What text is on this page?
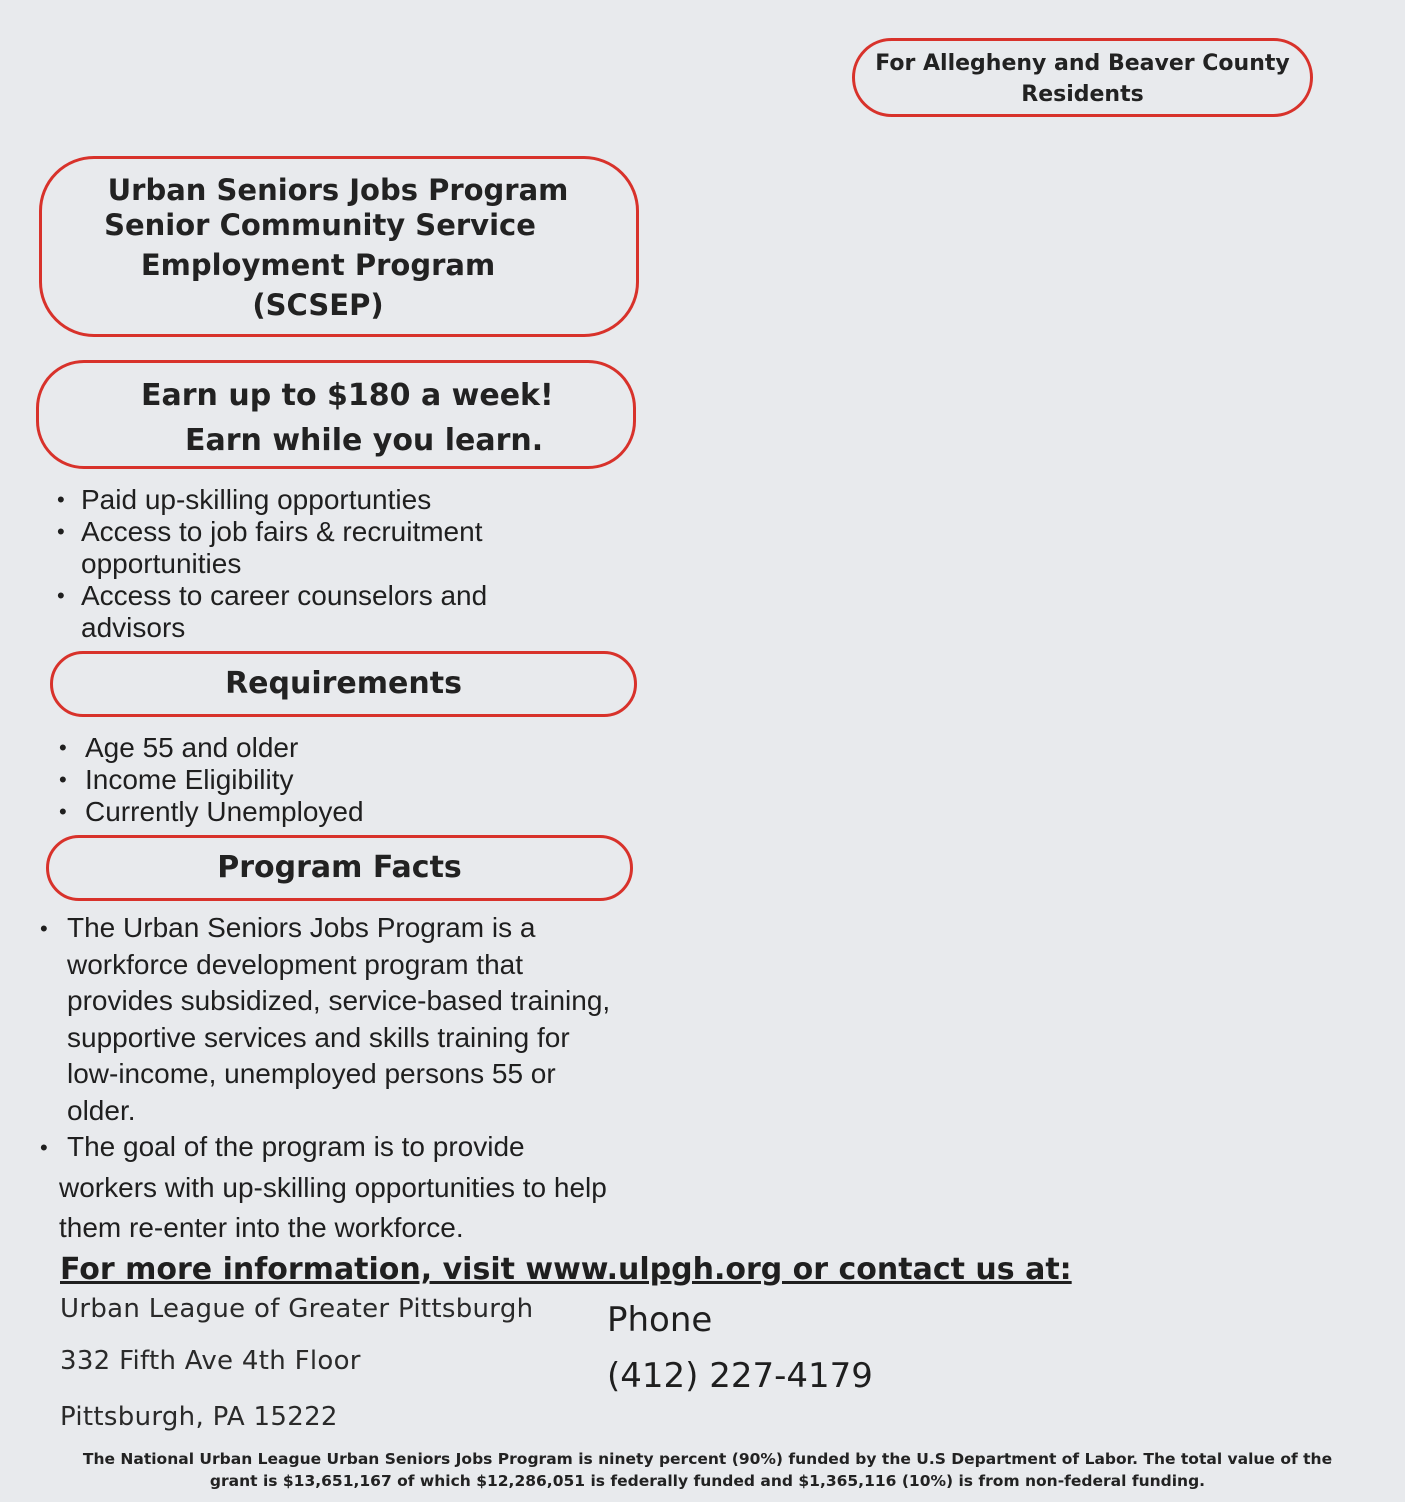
For Allegheny and Beaver County
Residents
Urban Seniors Jobs Program
Senior Community Service
Employment Program
(SCSEP)
Earn up to $180 a week!
Earn while you learn.
• Paid up-skilling opportunties
• Access to job fairs & recruitment
opportunities
• Access to career counselors and
advisors
Requirements
• Age 55 and older
• Income Eligibility
• Currently Unemployed
Program Facts
• The Urban Seniors Jobs Program is a
workforce development program that
provides subsidized, service-based training,
supportive services and skills training for
low-income, unemployed persons 55 or
older.
• The goal of the program is to provide
workers with up-skilling opportunities to help
them re-enter into the workforce.
For more information, visit www.ulpgh.org or contact us at:
Urban League of Greater Pittsburgh
332 Fifth Ave 4th Floor
Pittsburgh, PA 15222
Phone
(412) 227-4179
The National Urban League Urban Seniors Jobs Program is ninety percent (90%) funded by the U.S Department of Labor. The total value of the
grant is $13,651,167 of which $12,286,051 is federally funded and $1,365,116 (10%) is from non-federal funding.
